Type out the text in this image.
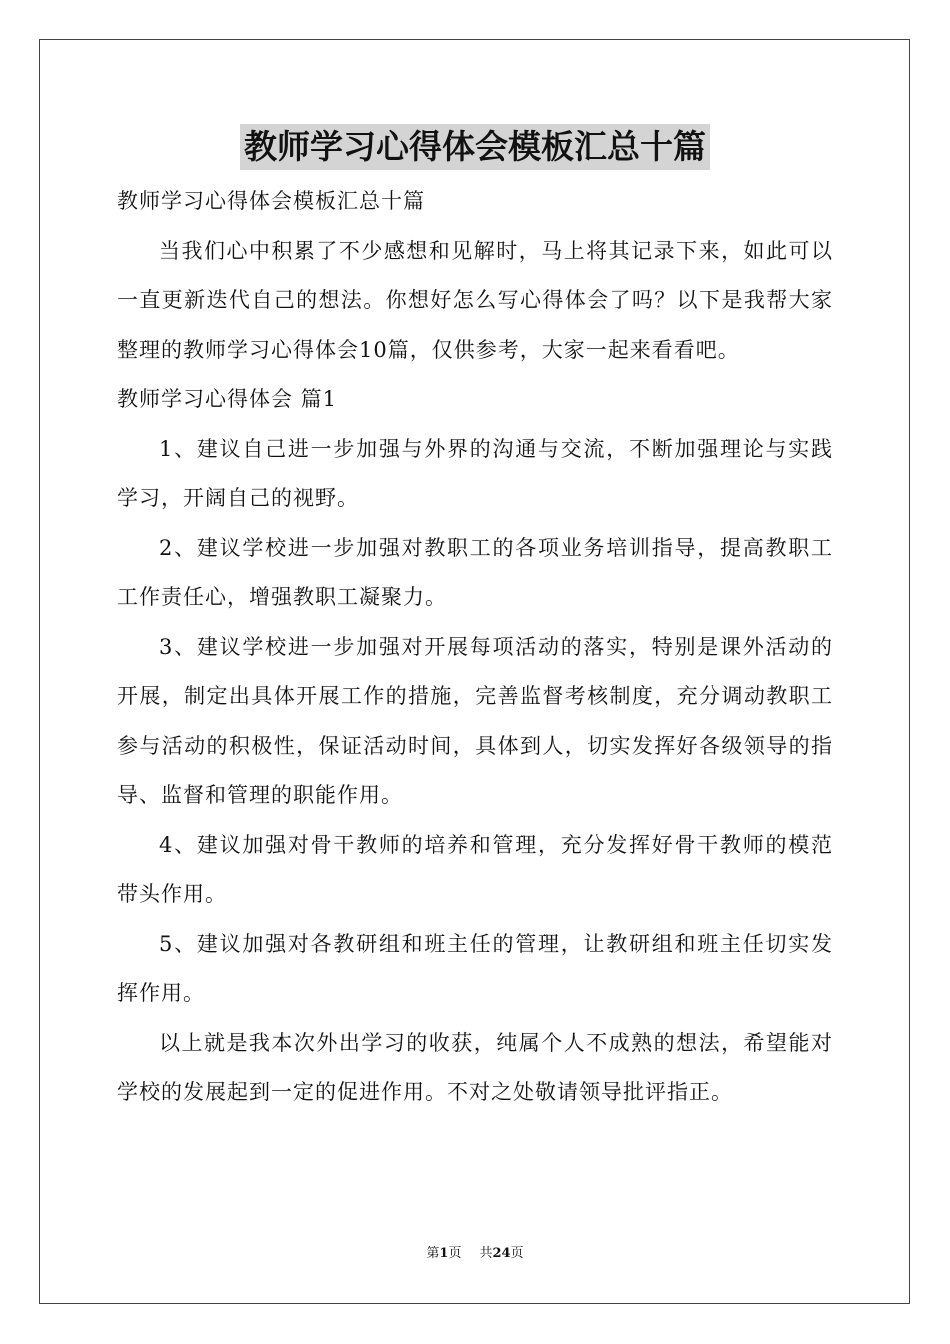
教师学习心得体会模板汇总十篇
教师学习心得体会模板汇总十篇
当我们心中积累了不少感想和见解时，马上将其记录下来，如此可以一直更新迭代自己的想法。你想好怎么写心得体会了吗？以下是我帮大家整理的教师学习心得体会10篇，仅供参考，大家一起来看看吧。
教师学习心得体会 篇1
1、建议自己进一步加强与外界的沟通与交流，不断加强理论与实践学习，开阔自己的视野。
2、建议学校进一步加强对教职工的各项业务培训指导，提高教职工工作责任心，增强教职工凝聚力。
3、建议学校进一步加强对开展每项活动的落实，特别是课外活动的开展，制定出具体开展工作的措施，完善监督考核制度，充分调动教职工参与活动的积极性，保证活动时间，具体到人，切实发挥好各级领导的指导、监督和管理的职能作用。
4、建议加强对骨干教师的培养和管理，充分发挥好骨干教师的模范带头作用。
5、建议加强对各教研组和班主任的管理，让教研组和班主任切实发挥作用。
以上就是我本次外出学习的收获，纯属个人不成熟的想法，希望能对学校的发展起到一定的促进作用。不对之处敬请领导批评指正。
第1页 共24页
